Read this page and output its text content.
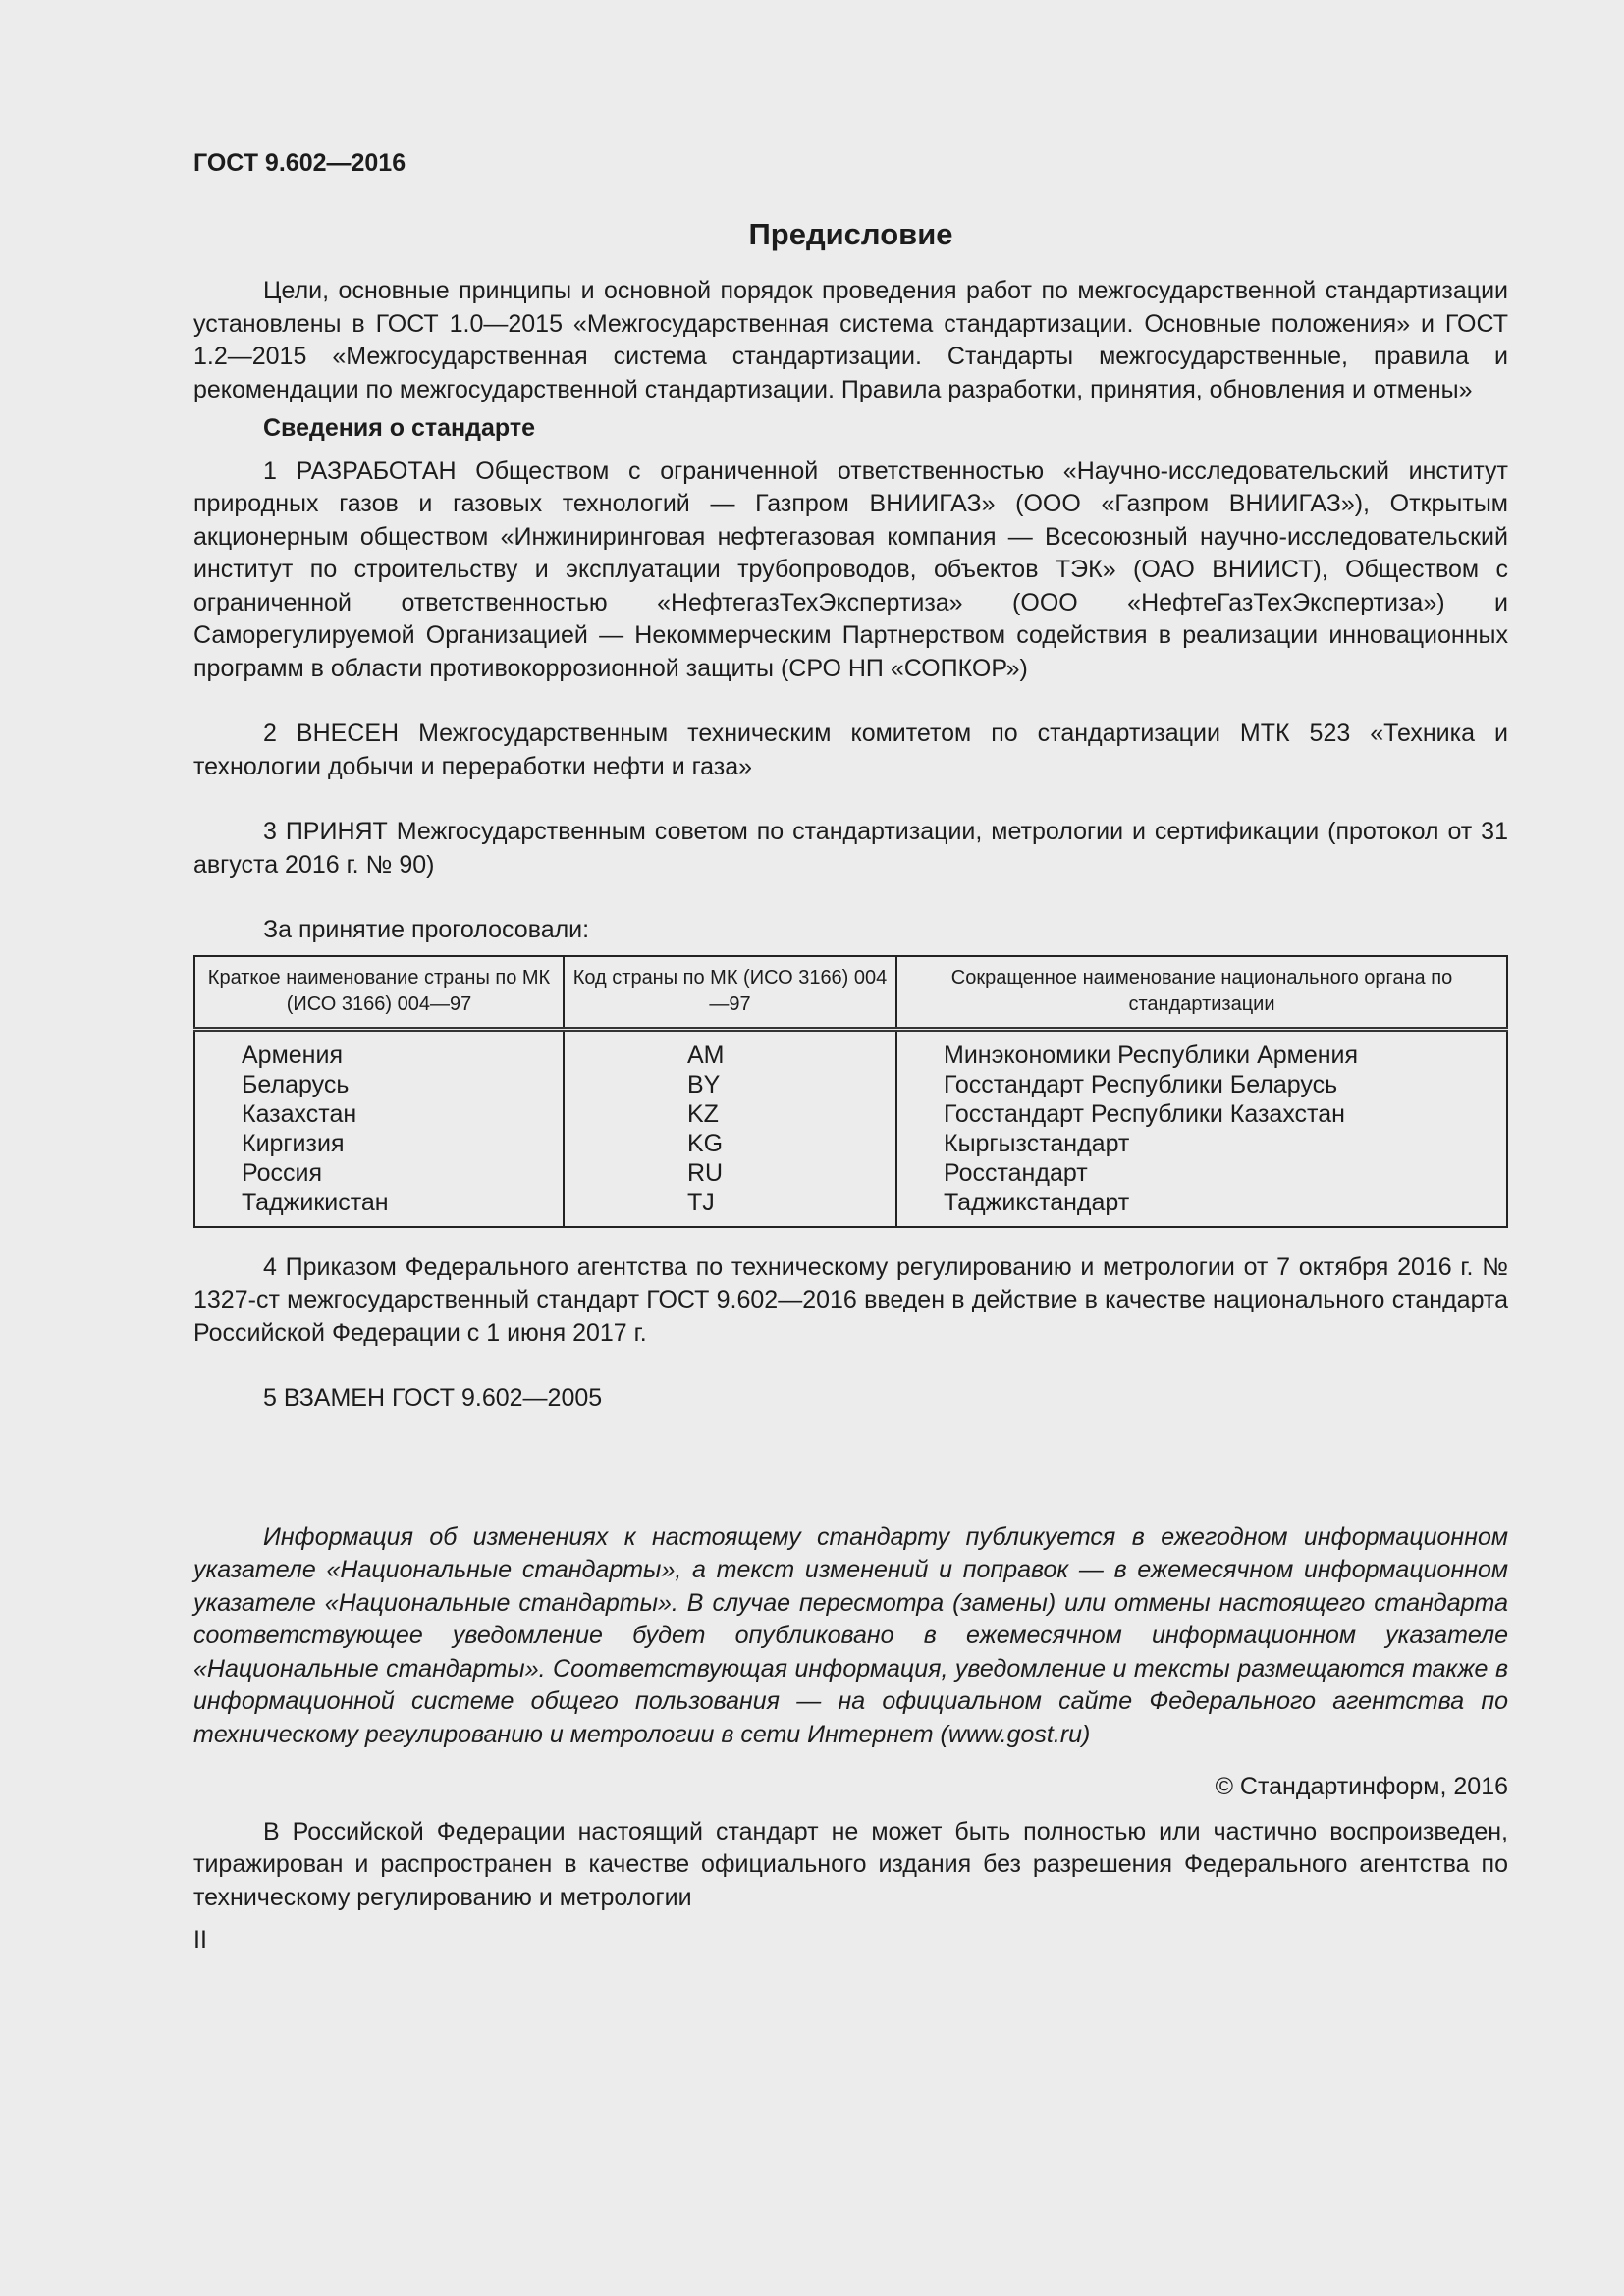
ГОСТ 9.602—2016
Предисловие

Цели, основные принципы и основной порядок проведения работ по межгосударственной стандартизации установлены в ГОСТ 1.0—2015 «Межгосударственная система стандартизации. Основные положения» и ГОСТ 1.2—2015 «Межгосударственная система стандартизации. Стандарты межгосударственные, правила и рекомендации по межгосударственной стандартизации. Правила разработки, принятия, обновления и отмены»

Сведения о стандарте

1 РАЗРАБОТАН Обществом с ограниченной ответственностью «Научно-исследовательский институт природных газов и газовых технологий — Газпром ВНИИГАЗ» (ООО «Газпром ВНИИГАЗ»), Открытым акционерным обществом «Инжиниринговая нефтегазовая компания — Всесоюзный научно-исследовательский институт по строительству и эксплуатации трубопроводов, объектов ТЭК» (ОАО ВНИИСТ), Обществом с ограниченной ответственностью «НефтегазТехЭкспертиза» (ООО «НефтеГазТехЭкспертиза») и Саморегулируемой Организацией — Некоммерческим Партнерством содействия в реализации инновационных программ в области противокоррозионной защиты (СРО НП «СОПКОР»)

2 ВНЕСЕН Межгосударственным техническим комитетом по стандартизации МТК 523 «Техника и технологии добычи и переработки нефти и газа»

3 ПРИНЯТ Межгосударственным советом по стандартизации, метрологии и сертификации (протокол от 31 августа 2016 г. № 90)

За принятие проголосовали:

Краткое наименование страны по МК (ИСО 3166) 004—97	Код страны по МК (ИСО 3166) 004—97	Сокращенное наименование национального органа по стандартизации
Армения	AM	Минэкономики Республики Армения
Беларусь	BY	Госстандарт Республики Беларусь
Казахстан	KZ	Госстандарт Республики Казахстан
Киргизия	KG	Кыргызстандарт
Россия	RU	Росстандарт
Таджикистан	TJ	Таджикстандарт

4 Приказом Федерального агентства по техническому регулированию и метрологии от 7 октября 2016 г. № 1327-ст межгосударственный стандарт ГОСТ 9.602—2016 введен в действие в качестве национального стандарта Российской Федерации с 1 июня 2017 г.

5 ВЗАМЕН ГОСТ 9.602—2005

Информация об изменениях к настоящему стандарту публикуется в ежегодном информационном указателе «Национальные стандарты», а текст изменений и поправок — в ежемесячном информационном указателе «Национальные стандарты». В случае пересмотра (замены) или отмены настоящего стандарта соответствующее уведомление будет опубликовано в ежемесячном информационном указателе «Национальные стандарты». Соответствующая информация, уведомление и тексты размещаются также в информационной системе общего пользования — на официальном сайте Федерального агентства по техническому регулированию и метрологии в сети Интернет (www.gost.ru)

© Стандартинформ, 2016

В Российской Федерации настоящий стандарт не может быть полностью или частично воспроизведен, тиражирован и распространен в качестве официального издания без разрешения Федерального агентства по техническому регулированию и метрологии

II
